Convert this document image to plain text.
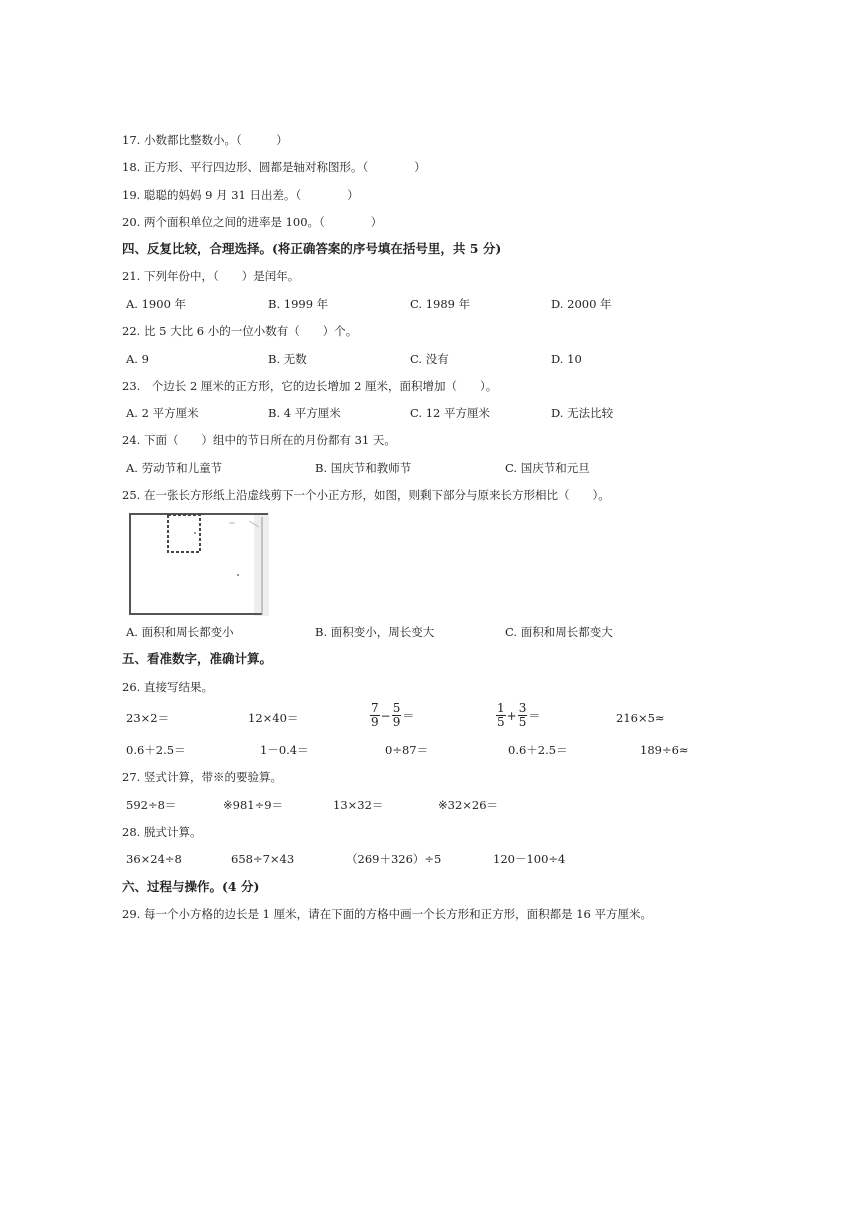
17. 小数都比整数小。（　　　）
18. 正方形、平行四边形、圆都是轴对称图形。（　　　　）
19. 聪聪的妈妈 9 月 31 日出差。（　　　　）
20. 两个面积单位之间的进率是 100。（　　　　）
四、反复比较，合理选择。(将正确答案的序号填在括号里，共 5 分)
21. 下列年份中，（　　）是闰年。
A. 1900 年	B. 1999 年	C. 1989 年	D. 2000 年
22. 比 5 大比 6 小的一位小数有（　　）个。
A. 9	B. 无数	C. 没有	D. 10
23.　个边长 2 厘米的正方形，它的边长增加 2 厘米，面积增加（　　）。
A. 2 平方厘米	B. 4 平方厘米	C. 12 平方厘米	D. 无法比较
24. 下面（　　）组中的节日所在的月份都有 31 天。
A. 劳动节和儿童节	B. 国庆节和教师节	C. 国庆节和元旦
25. 在一张长方形纸上沿虚线剪下一个小正方形，如图，则剩下部分与原来长方形相比（　　）。
A. 面积和周长都变小	B. 面积变小，周长变大	C. 面积和周长都变大
五、看准数字，准确计算。
26. 直接写结果。
23×2＝	12×40＝	$\frac{7}{9} - \frac{5}{9}$ ＝	$\frac{1}{5} + \frac{3}{5}$ ＝	216×5≈
0.6＋2.5＝	1－0.4＝	0÷87＝	0.6＋2.5＝	189÷6≈
27. 竖式计算，带※的要验算。
592÷8＝	※981÷9＝	13×32＝	※32×26＝
28. 脱式计算。
36×24÷8	658÷7×43	（269＋326）÷5	120－100÷4
六、过程与操作。(4 分)
29. 每一个小方格的边长是 1 厘米，请在下面的方格中画一个长方形和正方形，面积都是 16 平方厘米。
